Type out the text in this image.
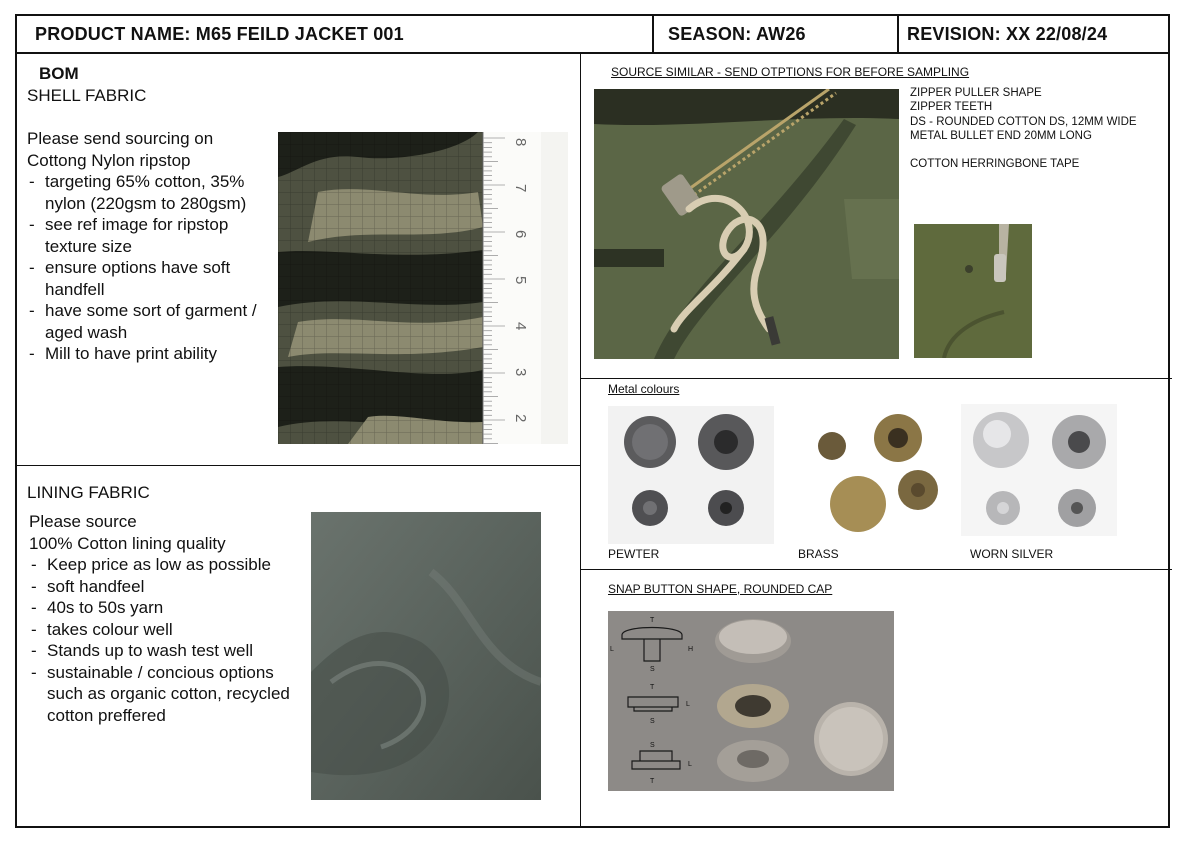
PRODUCT NAME: M65 FEILD JACKET 001	SEASON: AW26	REVISION: XX 22/08/24
BOM
SHELL FABRIC
Please send sourcing on
Cottong Nylon ripstop
- targeting 65% cotton, 35% nylon (220gsm to 280gsm)
- see ref image for ripstop texture size
- ensure options have soft handfell
- have some sort of garment / aged wash
- Mill to have print ability
8
7
6
5
4
3
2
LINING FABRIC
Please source
100% Cotton lining quality
- Keep price as low as possible
- soft handfeel
- 40s to 50s yarn
- takes colour well
- Stands up to wash test well
- sustainable / concious options such as organic cotton, recycled cotton preffered
SOURCE SIMILAR - SEND OTPTIONS FOR BEFORE SAMPLING
ZIPPER PULLER SHAPE
ZIPPER TEETH
DS - ROUNDED COTTON DS, 12MM WIDE
METAL BULLET END 20MM LONG
COTTON HERRINGBONE TAPE
Metal colours
PEWTER	BRASS	WORN SILVER
SNAP BUTTON SHAPE, ROUNDED CAP
T
L	H
S
T
L
S
S
L
T
